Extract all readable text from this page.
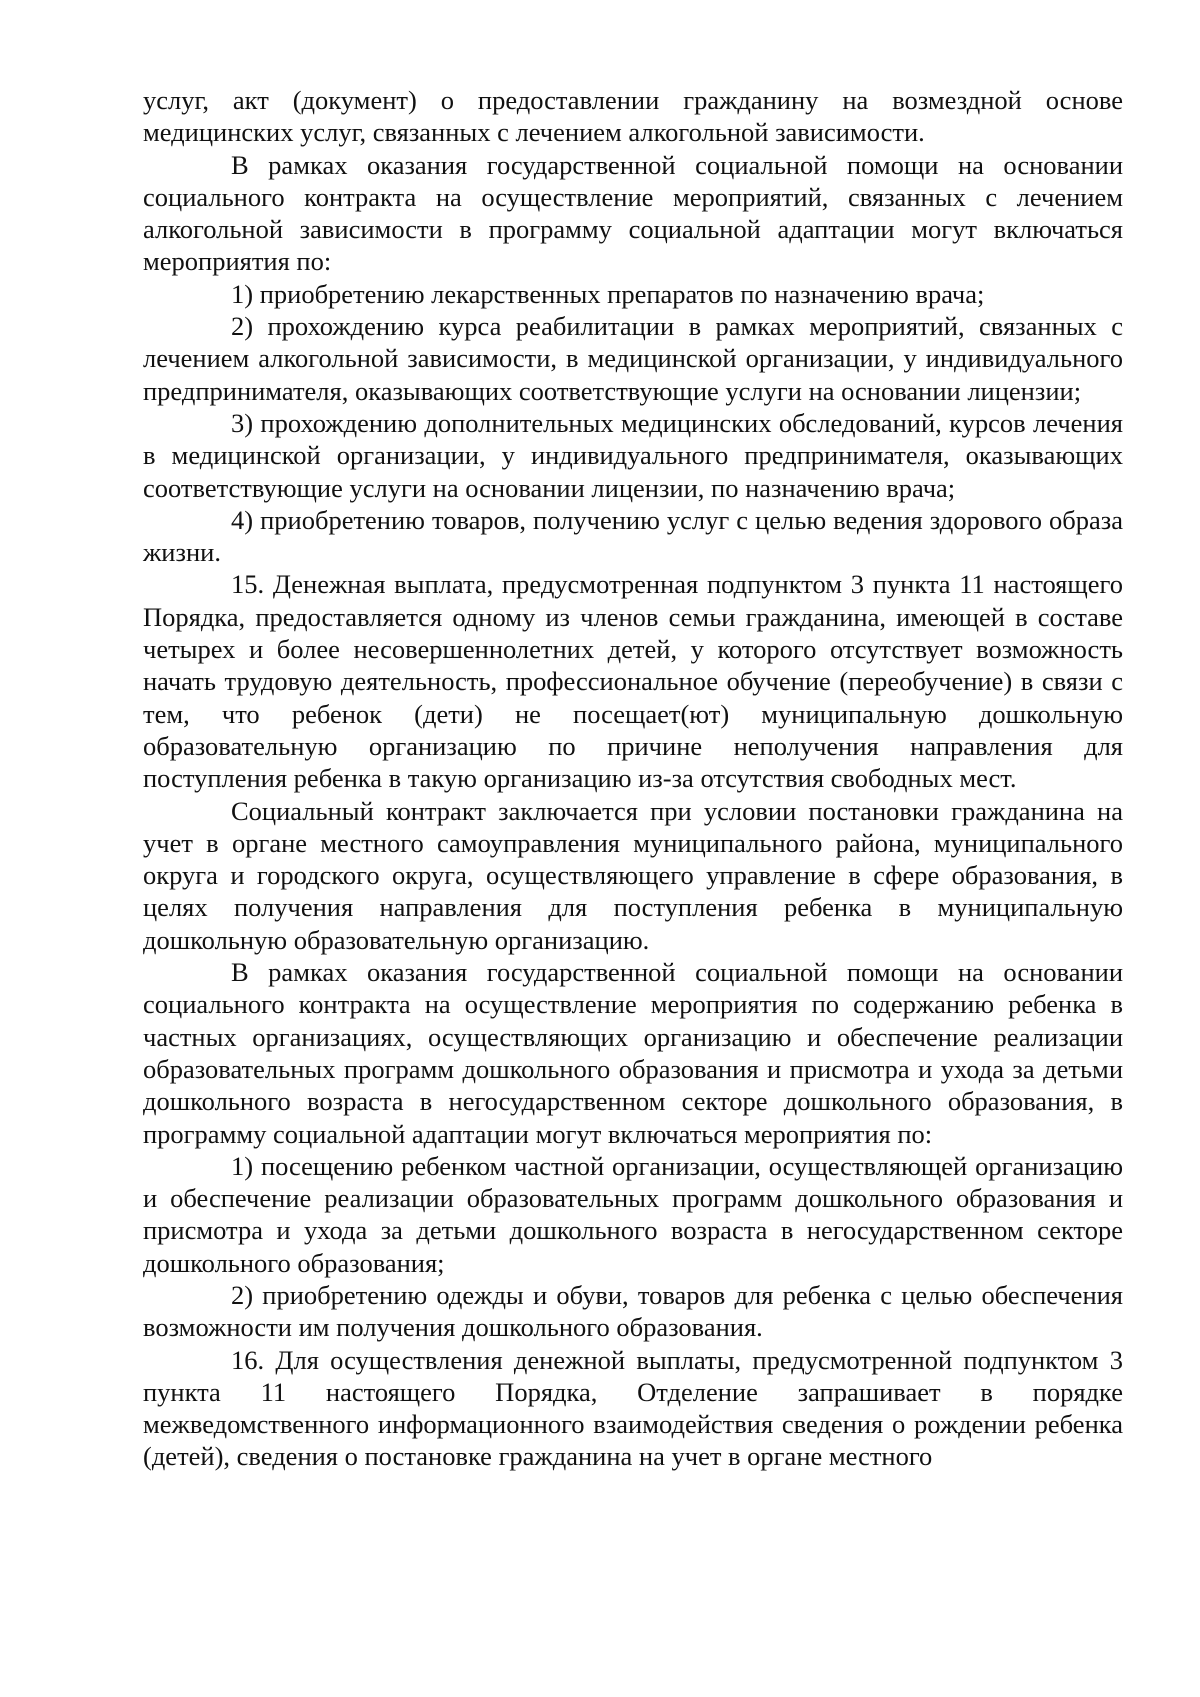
услуг, акт (документ) о предоставлении гражданину на возмездной основе медицинских услуг, связанных с лечением алкогольной зависимости.

В рамках оказания государственной социальной помощи на основании социального контракта на осуществление мероприятий, связанных с лечением алкогольной зависимости в программу социальной адаптации могут включаться мероприятия по:

1) приобретению лекарственных препаратов по назначению врача;

2) прохождению курса реабилитации в рамках мероприятий, связанных с лечением алкогольной зависимости, в медицинской организации, у индивидуального предпринимателя, оказывающих соответствующие услуги на основании лицензии;

3) прохождению дополнительных медицинских обследований, курсов лечения в медицинской организации, у индивидуального предпринимателя, оказывающих соответствующие услуги на основании лицензии, по назначению врача;

4) приобретению товаров, получению услуг с целью ведения здорового образа жизни.

15. Денежная выплата, предусмотренная подпунктом 3 пункта 11 настоящего Порядка, предоставляется одному из членов семьи гражданина, имеющей в составе четырех и более несовершеннолетних детей, у которого отсутствует возможность начать трудовую деятельность, профессиональное обучение (переобучение) в связи с тем, что ребенок (дети) не посещает(ют) муниципальную дошкольную образовательную организацию по причине неполучения направления для поступления ребенка в такую организацию из-за отсутствия свободных мест.

Социальный контракт заключается при условии постановки гражданина на учет в органе местного самоуправления муниципального района, муниципального округа и городского округа, осуществляющего управление в сфере образования, в целях получения направления для поступления ребенка в муниципальную дошкольную образовательную организацию.

В рамках оказания государственной социальной помощи на основании социального контракта на осуществление мероприятия по содержанию ребенка в частных организациях, осуществляющих организацию и обеспечение реализации образовательных программ дошкольного образования и присмотра и ухода за детьми дошкольного возраста в негосударственном секторе дошкольного образования, в программу социальной адаптации могут включаться мероприятия по:

1) посещению ребенком частной организации, осуществляющей организацию и обеспечение реализации образовательных программ дошкольного образования и присмотра и ухода за детьми дошкольного возраста в негосударственном секторе дошкольного образования;

2) приобретению одежды и обуви, товаров для ребенка с целью обеспечения возможности им получения дошкольного образования.

16. Для осуществления денежной выплаты, предусмотренной подпунктом 3 пункта 11 настоящего Порядка, Отделение запрашивает в порядке межведомственного информационного взаимодействия сведения о рождении ребенка (детей), сведения о постановке гражданина на учет в органе местного
